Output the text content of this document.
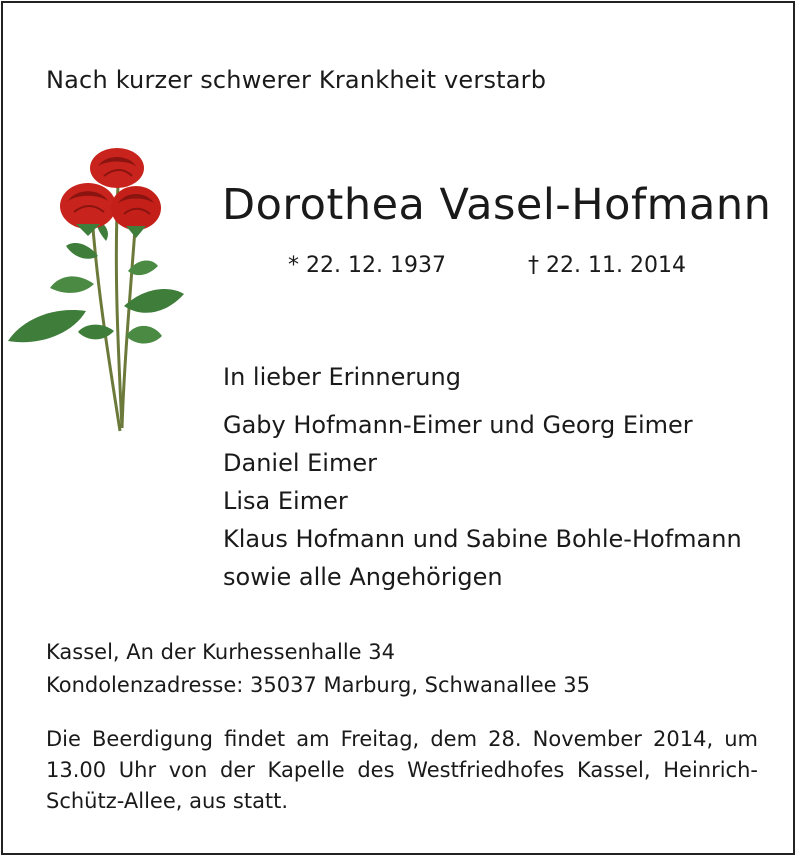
Nach kurzer schwerer Krankheit verstarb
Dorothea Vasel-Hofmann
* 22. 12. 1937	† 22. 11. 2014
In lieber Erinnerung
Gaby Hofmann-Eimer und Georg Eimer
Daniel Eimer
Lisa Eimer
Klaus Hofmann und Sabine Bohle-Hofmann
sowie alle Angehörigen
Kassel, An der Kurhessenhalle 34
Kondolenzadresse: 35037 Marburg, Schwanallee 35

Die Beerdigung findet am Freitag, dem 28. November 2014, um 13.00 Uhr von der Kapelle des Westfriedhofes Kassel, Heinrich-Schütz-Allee, aus statt.
